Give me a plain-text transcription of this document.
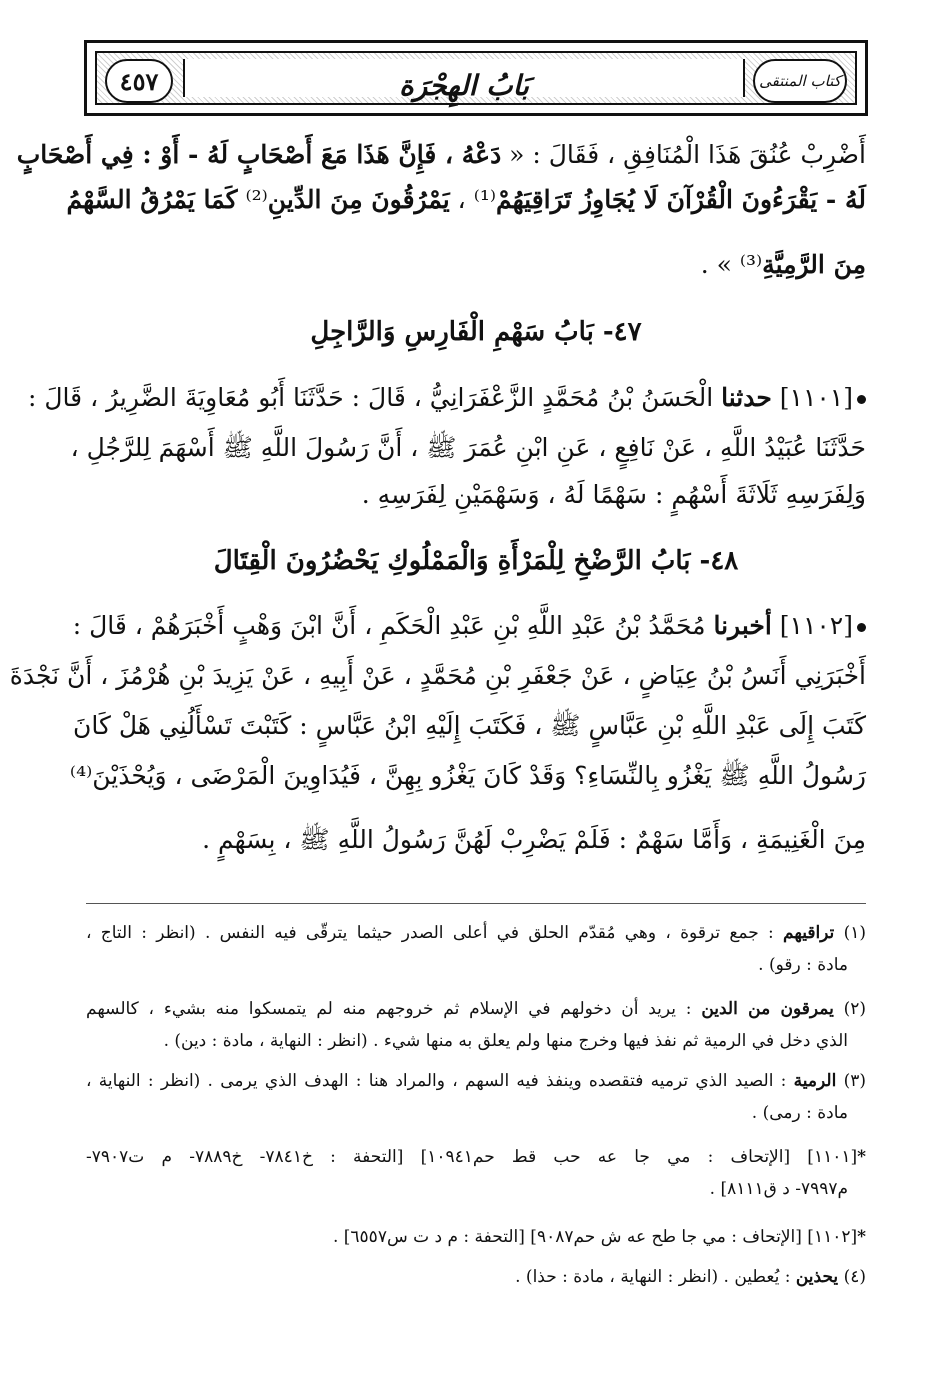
كتاب المنتقى
بَابُ الهِجْرَة
٤٥٧
أَضْرِبْ عُنُقَ هَذَا الْمُنَافِقِ ، فَقَالَ : « دَعْهُ ، فَإِنَّ هَذَا مَعَ أَصْحَابٍ لَهُ - أَوْ : فِي أَصْحَابٍ
لَهُ - يَقْرَءُونَ الْقُرْآنَ لَا يُجَاوِزُ تَرَاقِيَهُمْ⁽¹⁾ ، يَمْرُقُونَ مِنَ الدِّينِ⁽²⁾ كَمَا يَمْرُقُ السَّهْمُ
مِنَ الرَّمِيَّةِ⁽³⁾ » .
٤٧- بَابُ سَهْمِ الْفَارِسِ وَالرَّاجِلِ
[١١٠١] حدثنا الْحَسَنُ بْنُ مُحَمَّدٍ الزَّعْفَرَانِيُّ ، قَالَ : حَدَّثَنَا أَبُو مُعَاوِيَةَ الضَّرِيرُ ، قَالَ :
حَدَّثَنَا عُبَيْدُ اللَّهِ ، عَنْ نَافِعٍ ، عَنِ ابْنِ عُمَرَ ﷺ ، أَنَّ رَسُولَ اللَّهِ ﷺ أَسْهَمَ لِلرَّجُلِ ،
وَلِفَرَسِهِ ثَلَاثَةَ أَسْهُمٍ : سَهْمًا لَهُ ، وَسَهْمَيْنِ لِفَرَسِهِ .
٤٨- بَابُ الرَّضْخِ لِلْمَرْأَةِ وَالْمَمْلُوكِ يَحْضُرُونَ الْقِتَالَ
[١١٠٢] أخبرنا مُحَمَّدُ بْنُ عَبْدِ اللَّهِ بْنِ عَبْدِ الْحَكَمِ ، أَنَّ ابْنَ وَهْبٍ أَخْبَرَهُمْ ، قَالَ :
أَخْبَرَنِي أَنَسُ بْنُ عِيَاضٍ ، عَنْ جَعْفَرِ بْنِ مُحَمَّدٍ ، عَنْ أَبِيهِ ، عَنْ يَزِيدَ بْنِ هُرْمُزَ ، أَنَّ نَجْدَةَ
كَتَبَ إِلَى عَبْدِ اللَّهِ بْنِ عَبَّاسٍ ﷺ ، فَكَتَبَ إِلَيْهِ ابْنُ عَبَّاسٍ : كَتَبْتَ تَسْأَلُنِي هَلْ كَانَ
رَسُولُ اللَّهِ ﷺ يَغْزُو بِالنِّسَاءِ؟ وَقَدْ كَانَ يَغْزُو بِهِنَّ ، فَيُدَاوِينَ الْمَرْضَى ، وَيُحْذَيْنَ⁽⁴⁾
مِنَ الْغَنِيمَةِ ، وَأَمَّا سَهْمٌ : فَلَمْ يَضْرِبْ لَهُنَّ رَسُولُ اللَّهِ ﷺ ، بِسَهْمٍ .
(١) تراقيهم : جمع ترقوة ، وهي مُقدّم الحلق في أعلى الصدر حيثما يترقّى فيه النفس . (انظر : التاج ،
مادة : رقو) .
(٢) يمرقون من الدين : يريد أن دخولهم في الإسلام ثم خروجهم منه لم يتمسكوا منه بشيء ، كالسهم
الذي دخل في الرمية ثم نفذ فيها وخرج منها ولم يعلق به منها شيء . (انظر : النهاية ، مادة : دين) .
(٣) الرمية : الصيد الذي ترميه فتقصده وينفذ فيه السهم ، والمراد هنا : الهدف الذي يرمى . (انظر : النهاية ،
مادة : رمى) .
*[١١٠١] [الإتحاف : مي جا عه حب قط حم١٠٩٤١] [التحفة : خ٧٨٤١- خ٧٨٨٩- م ت٧٩٠٧-
م٧٩٩٧- د ق٨١١١] .
*[١١٠٢] [الإتحاف : مي جا طح عه ش حم٩٠٨٧] [التحفة : م د ت س٦٥٥٧] .
(٤) يحذين : يُعطين . (انظر : النهاية ، مادة : حذا) .
